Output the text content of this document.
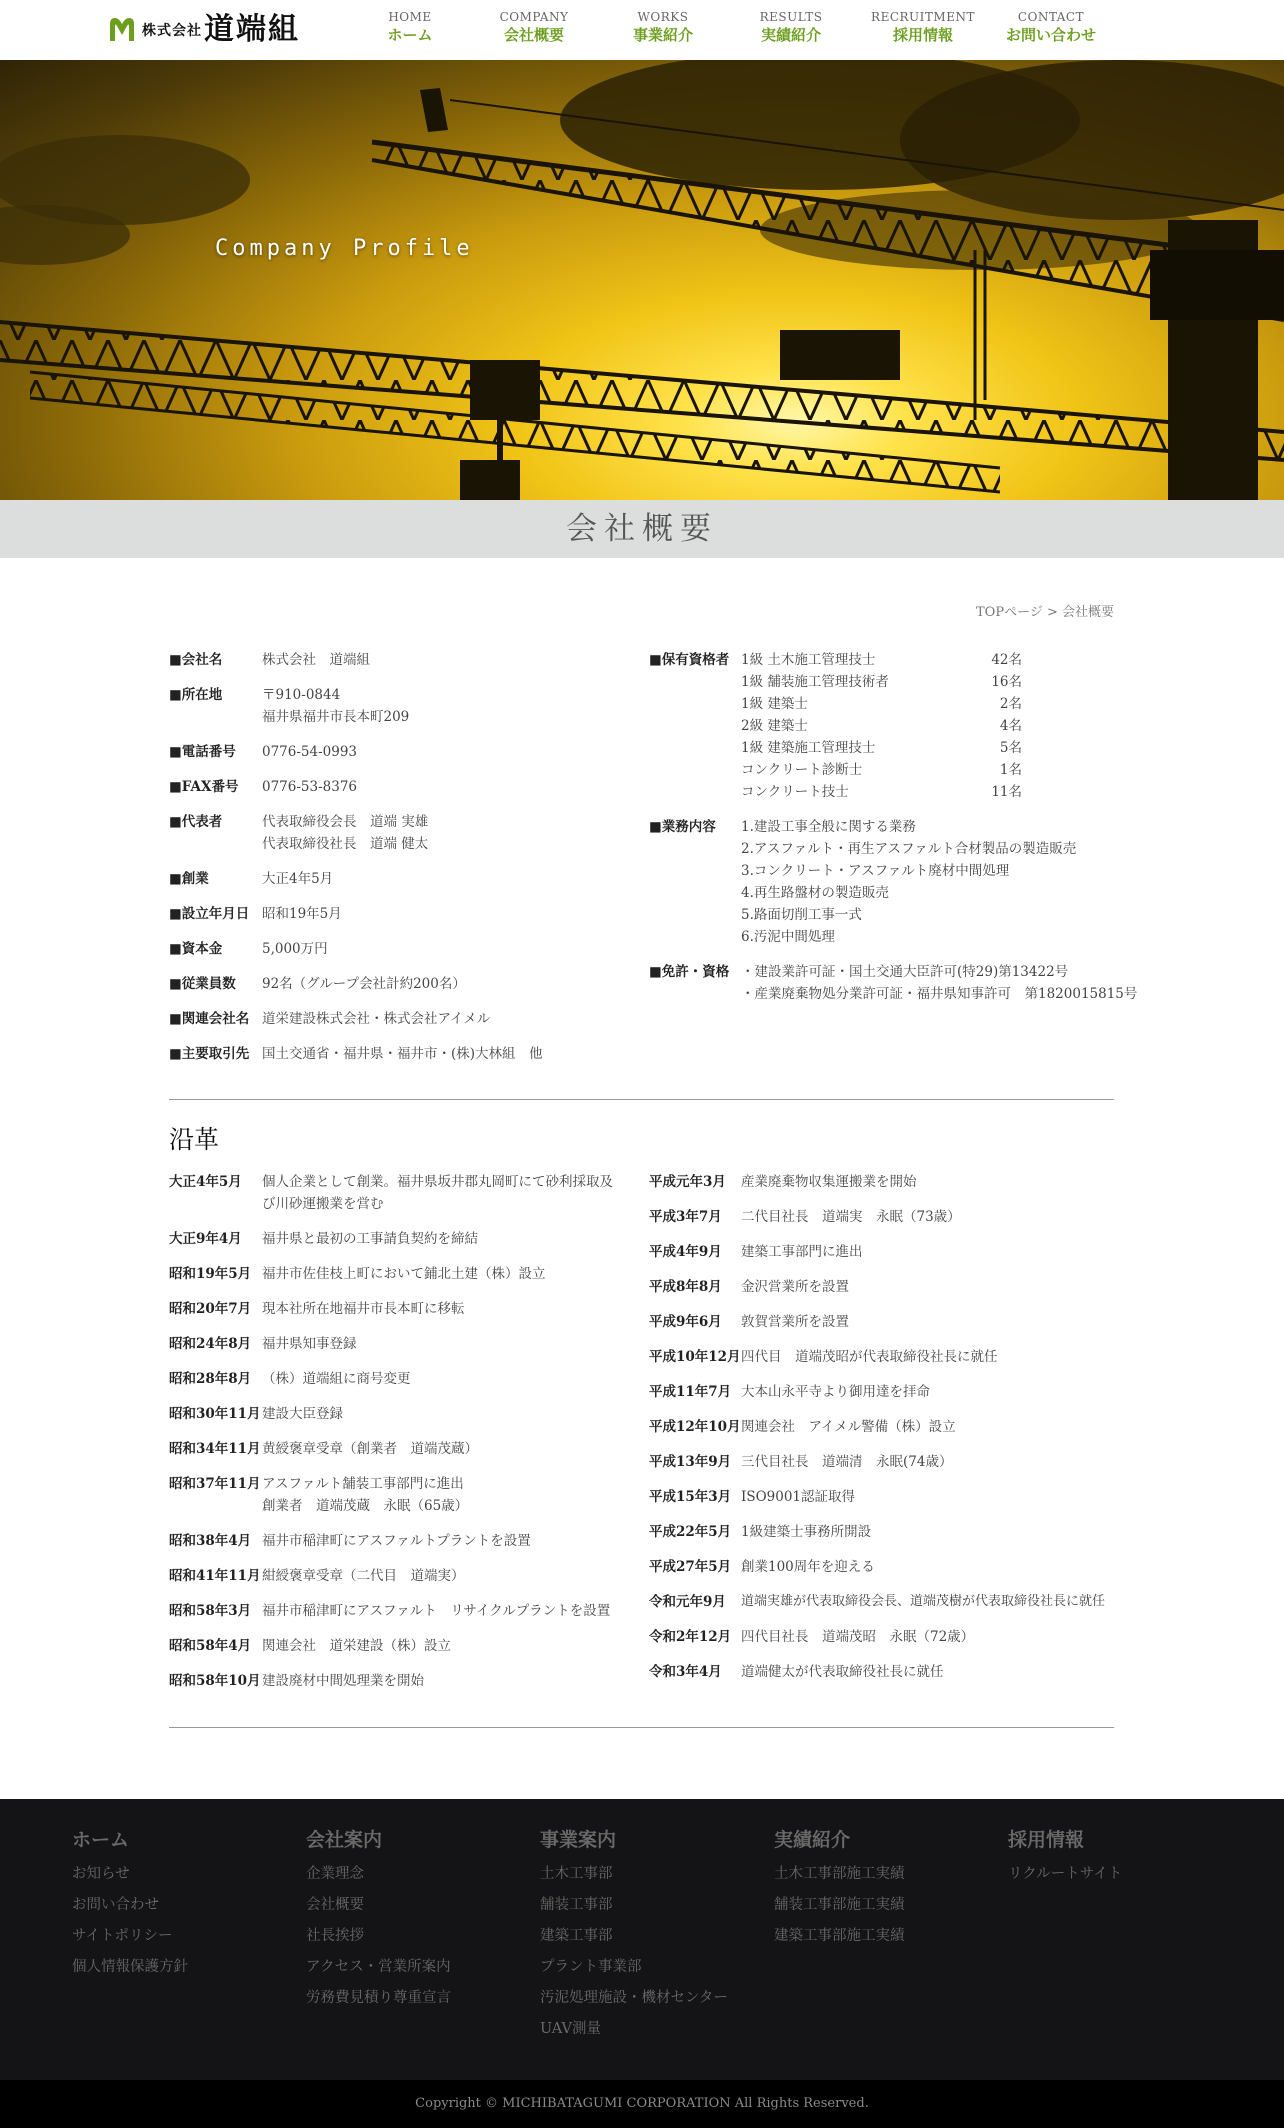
株式会社 道端組	HOME
ホーム
COMPANY
会社概要
WORKS
事業紹介
RESULTS
実績紹介
RECRUITMENT
採用情報
CONTACT
お問い合わせ
Company Profile
会社概要
TOPページ > 会社概要
■会社名	株式会社　道端組
■所在地	〒910-0844
福井県福井市長本町209
■電話番号 0776-54-0993
■FAX番号 0776-53-8376
■代表者	代表取締役会長　道端 実雄
代表取締役社長　道端 健太
■創業	大正4年5月
■設立年月日 昭和19年5月
■資本金	5,000万円
■従業員数 92名（グループ会社計約200名）
■関連会社名 道栄建設株式会社・株式会社アイメル
■主要取引先 国土交通省・福井県・福井市・(株)大林組　他
■保有資格者 1級 土木施工管理技士	42名
1級 舗装施工管理技術者	16名
1級 建築士	2名
2級 建築士	4名
1級 建築施工管理技士	5名
コンクリート診断士	1名
コンクリート技士	11名
■業務内容 1.建設工事全般に関する業務
2.アスファルト・再生アスファルト合材製品の製造販売
3.コンクリート・アスファルト廃材中間処理
4.再生路盤材の製造販売
5.路面切削工事一式
6.汚泥中間処理
■免許・資格 ・建設業許可証・国土交通大臣許可(特29)第13422号
・産業廃棄物処分業許可証・福井県知事許可　第1820015815号
沿革
大正4年5月 個人企業として創業。福井県坂井郡丸岡町にて砂利採取及び川砂運搬業を営む
大正9年4月 福井県と最初の工事請負契約を締結
昭和19年5月 福井市佐佳枝上町において鋪北土建（株）設立
昭和20年7月 現本社所在地福井市長本町に移転
昭和24年8月 福井県知事登録
昭和28年8月 （株）道端組に商号変更
昭和30年11月 建設大臣登録
昭和34年11月 黄綬褒章受章（創業者　道端茂蔵）
昭和37年11月 アスファルト舗装工事部門に進出
創業者　道端茂蔵　永眠（65歳）
昭和38年4月 福井市稲津町にアスファルトプラントを設置
昭和41年11月 紺綬褒章受章（二代目　道端実）
昭和58年3月 福井市稲津町にアスファルト　リサイクルプラントを設置
昭和58年4月 関連会社　道栄建設（株）設立
昭和58年10月 建設廃材中間処理業を開始
平成元年3月 産業廃棄物収集運搬業を開始
平成3年7月 二代目社長　道端実　永眠（73歳）
平成4年9月 建築工事部門に進出
平成8年8月 金沢営業所を設置
平成9年6月 敦賀営業所を設置
平成10年12月 四代目　道端茂昭が代表取締役社長に就任
平成11年7月 大本山永平寺より御用達を拝命
平成12年10月 関連会社　アイメル警備（株）設立
平成13年9月 三代目社長　道端清　永眠(74歳）
平成15年3月 ISO9001認証取得
平成22年5月 1級建築士事務所開設
平成27年5月 創業100周年を迎える
令和元年9月 道端実雄が代表取締役会長、道端茂樹が代表取締役社長に就任
令和2年12月 四代目社長　道端茂昭　永眠（72歳）
令和3年4月 道端健太が代表取締役社長に就任
ホーム
お知らせ
お問い合わせ
サイトポリシー
個人情報保護方針
会社案内
企業理念
会社概要
社長挨拶
アクセス・営業所案内
労務費見積り尊重宣言
事業案内
土木工事部
舗装工事部
建築工事部
プラント事業部
汚泥処理施設・機材センター
UAV測量
実績紹介
土木工事部施工実績
舗装工事部施工実績
建築工事部施工実績
採用情報
リクルートサイト
Copyright © MICHIBATAGUMI CORPORATION All Rights Reserved.
